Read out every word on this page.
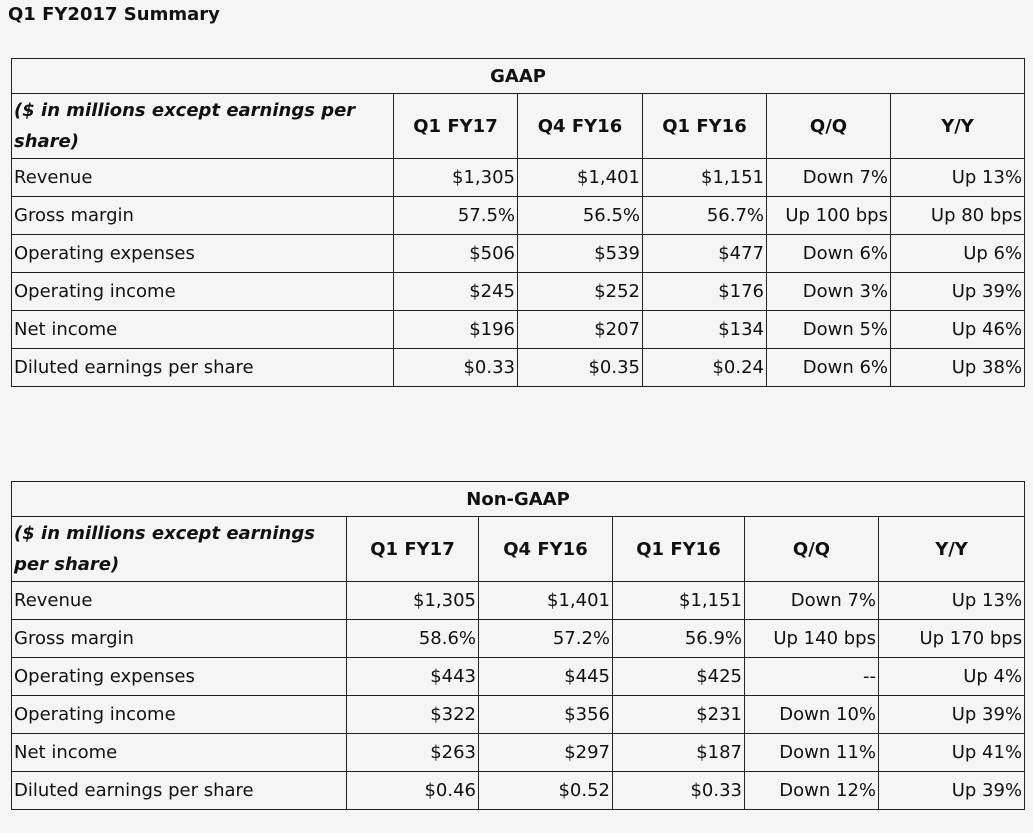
Q1 FY2017 Summary
GAAP					
($ in millions except earnings per share)	Q1 FY17	Q4 FY16	Q1 FY16	Q/Q	Y/Y
Revenue	$1,305	$1,401	$1,151	Down 7%	Up 13%
Gross margin	57.5%	56.5%	56.7%	Up 100 bps	Up 80 bps
Operating expenses	$506	$539	$477	Down 6%	Up 6%
Operating income	$245	$252	$176	Down 3%	Up 39%
Net income	$196	$207	$134	Down 5%	Up 46%
Diluted earnings per share	$0.33	$0.35	$0.24	Down 6%	Up 38%
Non-GAAP					
($ in millions except earnings per share)	Q1 FY17	Q4 FY16	Q1 FY16	Q/Q	Y/Y
Revenue	$1,305	$1,401	$1,151	Down 7%	Up 13%
Gross margin	58.6%	57.2%	56.9%	Up 140 bps	Up 170 bps
Operating expenses	$443	$445	$425	--	Up 4%
Operating income	$322	$356	$231	Down 10%	Up 39%
Net income	$263	$297	$187	Down 11%	Up 41%
Diluted earnings per share	$0.46	$0.52	$0.33	Down 12%	Up 39%
